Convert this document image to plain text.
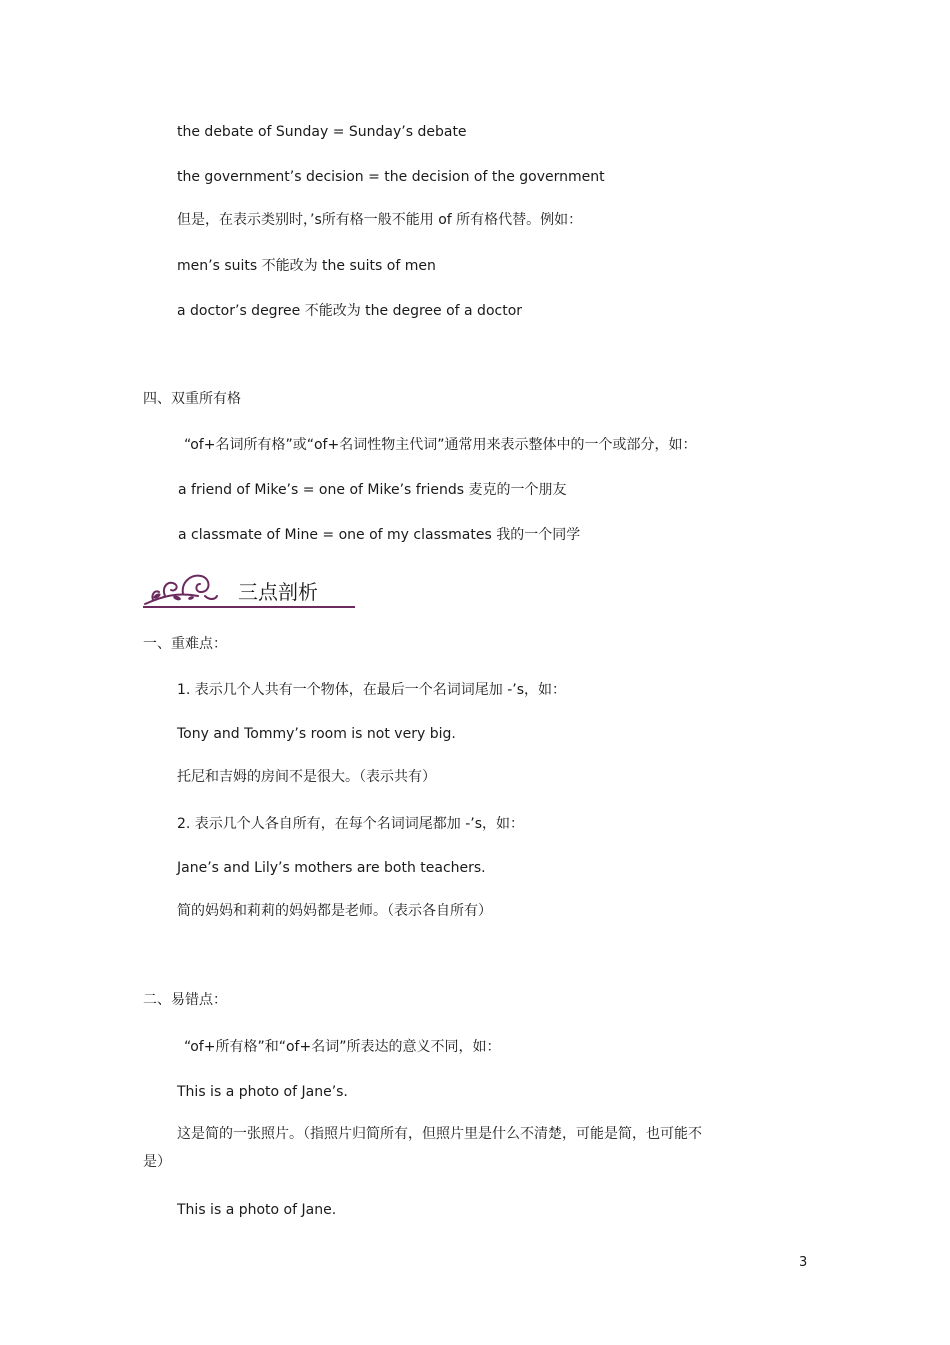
the debate of Sunday = Sunday’s debate
the government’s decision = the decision of the government
但是，在表示类别时，’s所有格一般不能用 of 所有格代替。例如：
men’s suits 不能改为 the suits of men
a doctor’s degree 不能改为 the degree of a doctor
四、双重所有格
“of+名词所有格”或“of+名词性物主代词”通常用来表示整体中的一个或部分，如：
a friend of Mike’s = one of Mike’s friends 麦克的一个朋友
a classmate of Mine = one of my classmates 我的一个同学
三点剖析
一、重难点：
1. 表示几个人共有一个物体，在最后一个名词词尾加 -’s，如：
Tony and Tommy’s room is not very big.
托尼和吉姆的房间不是很大。（表示共有）
2. 表示几个人各自所有，在每个名词词尾都加 -’s，如：
Jane’s and Lily’s mothers are both teachers.
简的妈妈和莉莉的妈妈都是老师。（表示各自所有）
二、易错点：
“of+所有格”和“of+名词”所表达的意义不同，如：
This is a photo of Jane’s.
这是简的一张照片。（指照片归简所有，但照片里是什么不清楚，可能是简，也可能不
是）
This is a photo of Jane.
3
